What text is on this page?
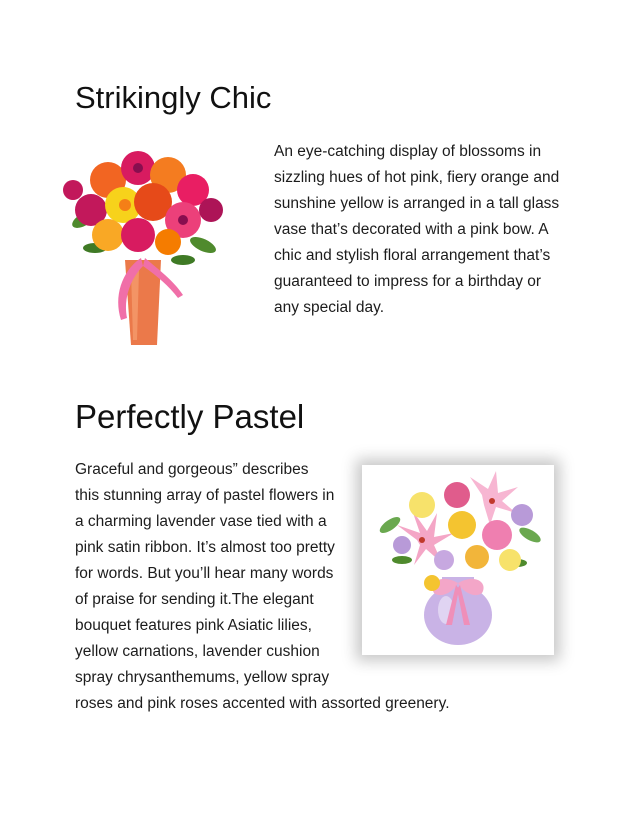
Strikingly Chic

An eye-catching display of blossoms in sizzling hues of hot pink, fiery orange and sunshine yellow is arranged in a tall glass vase that’s decorated with a pink bow. A chic and stylish floral arrangement that’s guaranteed to impress for a birthday or any special day.

Perfectly Pastel

Graceful and gorgeous” describes this stunning array of pastel flowers in a charming lavender vase tied with a pink satin ribbon. It’s almost too pretty for words. But you’ll hear many words of praise for sending it.The elegant bouquet features pink Asiatic lilies, yellow carnations, lavender cushion spray chrysanthemums, yellow spray roses and pink roses accented with assorted greenery.
